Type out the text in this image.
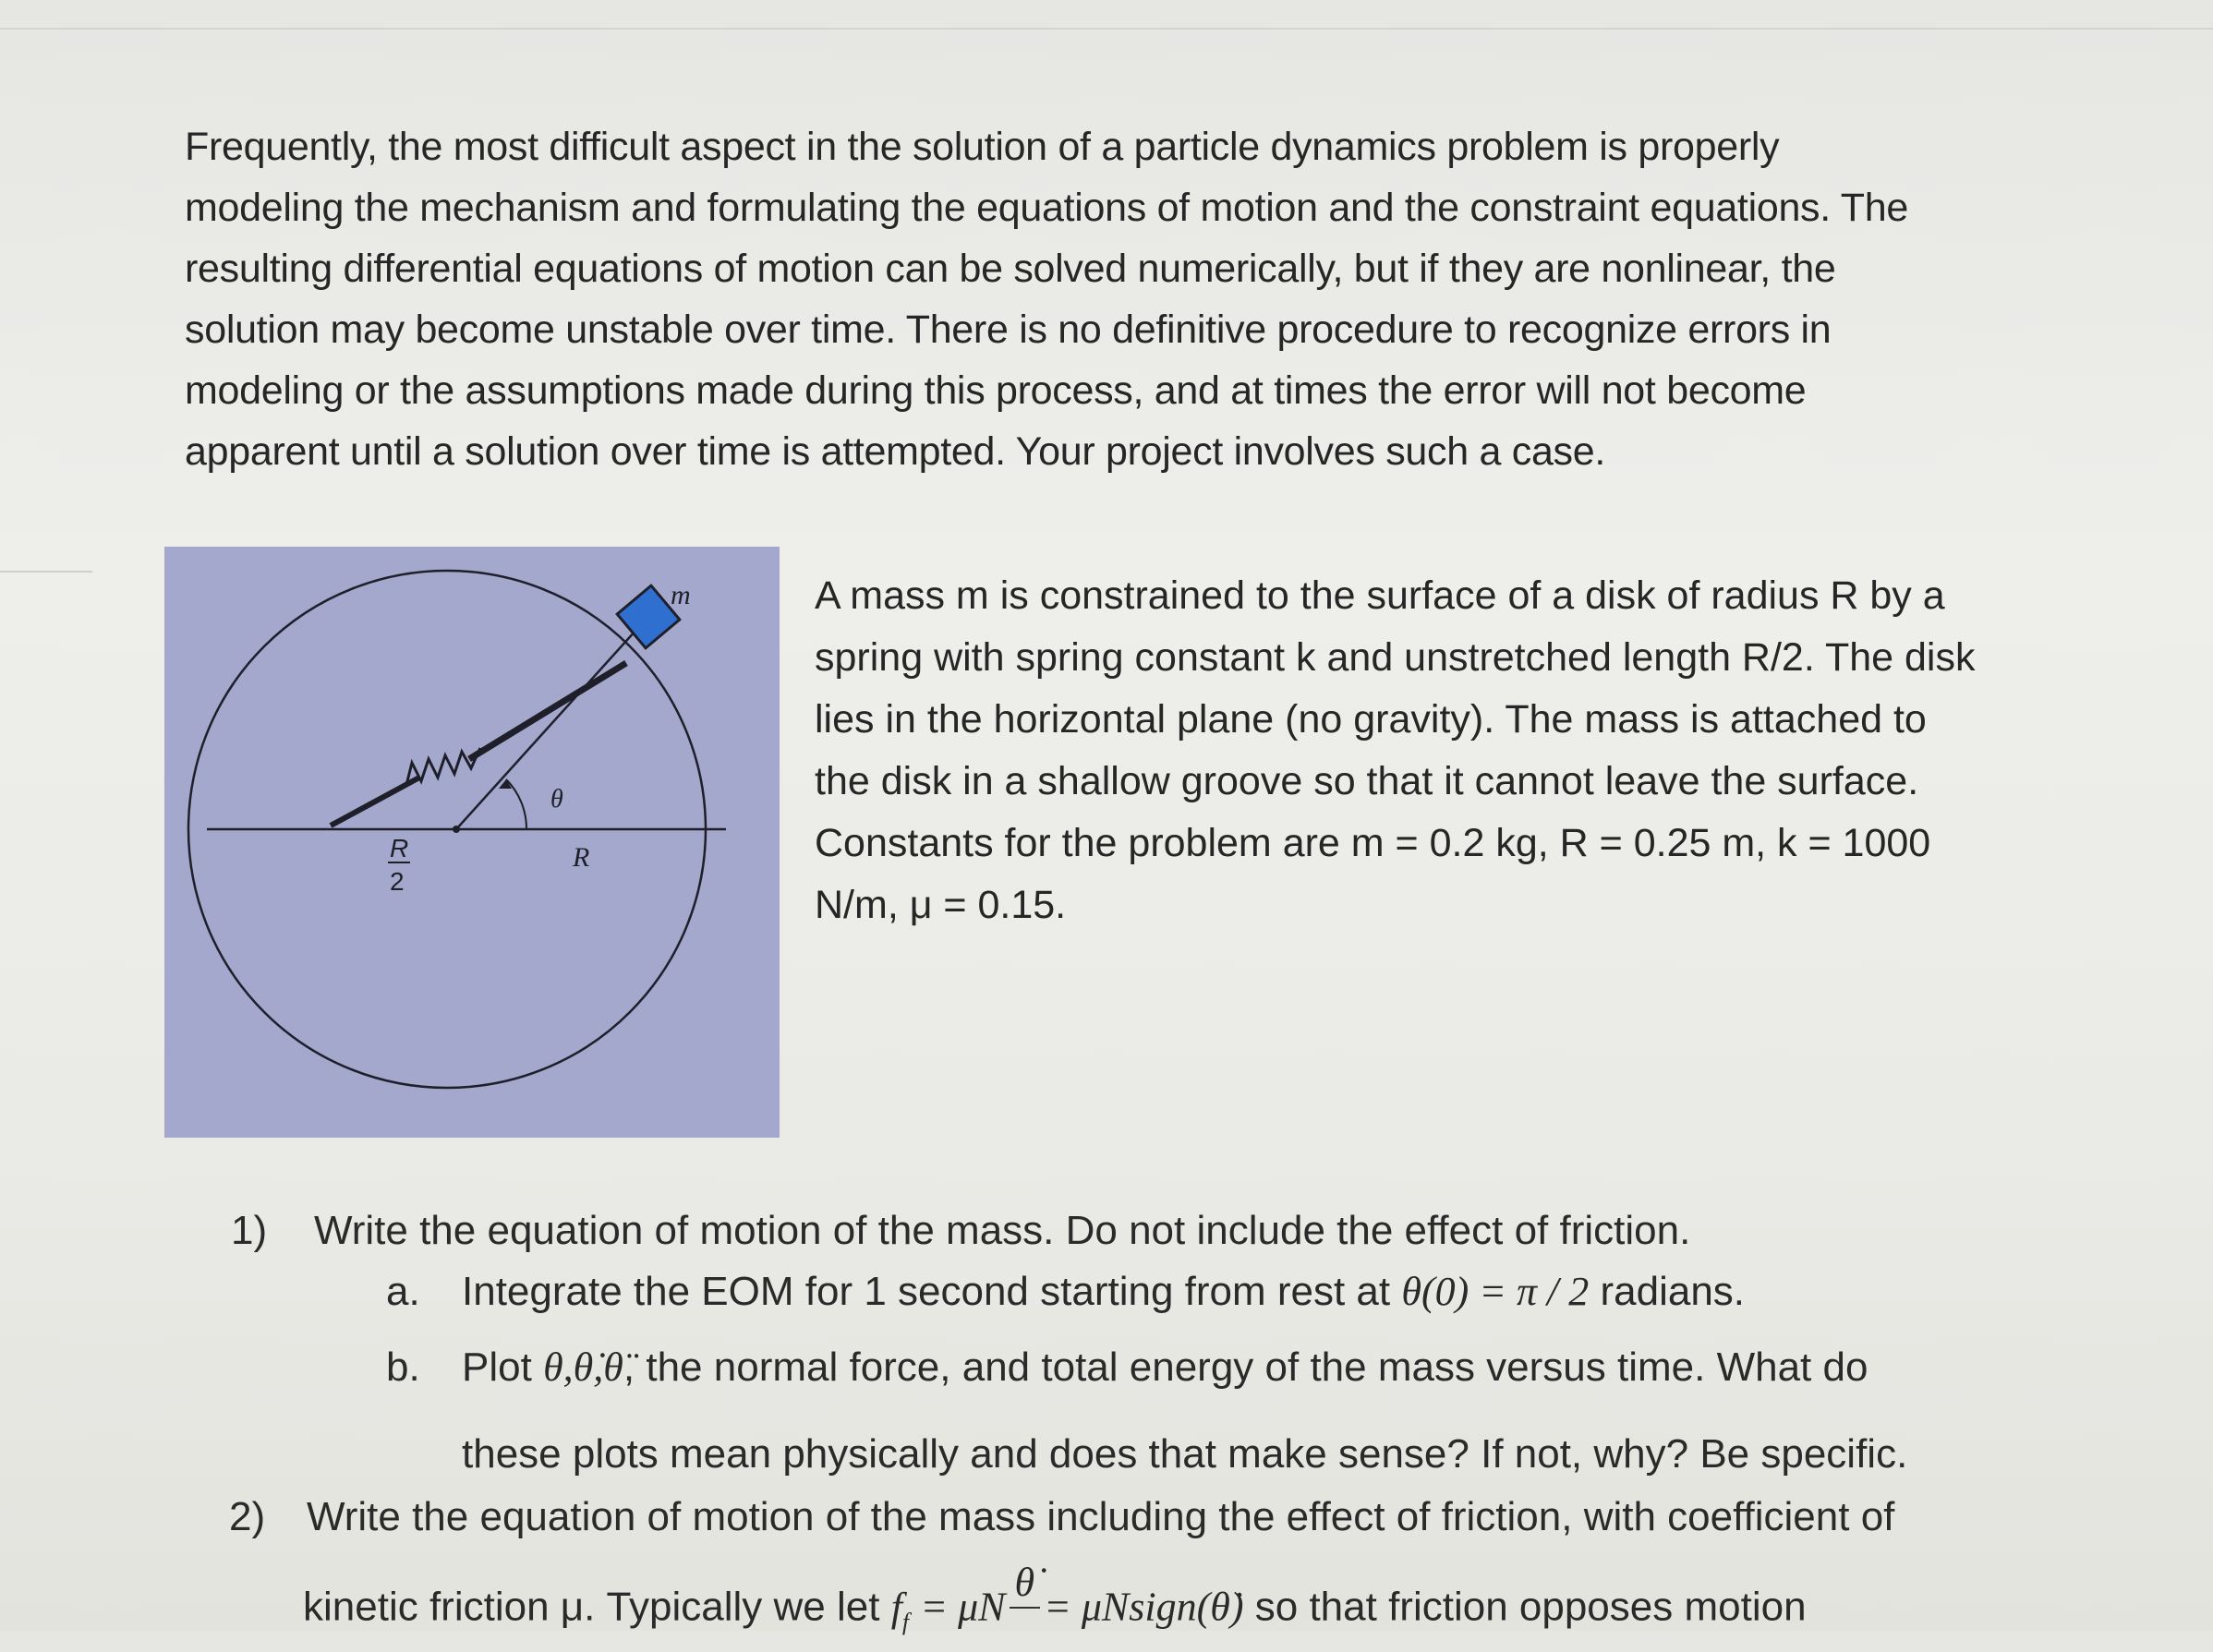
Frequently, the most difficult aspect in the solution of a particle dynamics problem is properly

modeling the mechanism and formulating the equations of motion and the constraint equations. The

resulting differential equations of motion can be solved numerically, but if they are nonlinear, the

solution may become unstable over time. There is no definitive procedure to recognize errors in

modeling or the assumptions made during this process, and at times the error will not become

apparent until a solution over time is attempted. Your project involves such a case.

m
θ
R
R
2

A mass m is constrained to the surface of a disk of radius R by a

spring with spring constant k and unstretched length R/2. The disk

lies in the horizontal plane (no gravity). The mass is attached to

the disk in a shallow groove so that it cannot leave the surface.

Constants for the problem are m = 0.2 kg, R = 0.25 m, k = 1000

N/m, μ = 0.15.

1) Write the equation of motion of the mass. Do not include the effect of friction.
a. Integrate the EOM for 1 second starting from rest at θ(0) = π / 2 radians.
b. Plot θ,θ̇,θ̈, the normal force, and total energy of the mass versus time. What do
these plots mean physically and does that make sense? If not, why? Be specific.
2) Write the equation of motion of the mass including the effect of friction, with coefficient of
kinetic friction μ. Typically we let $f_f = \mu N$
θ̇
= μNsign(θ̇) so that friction opposes motion
